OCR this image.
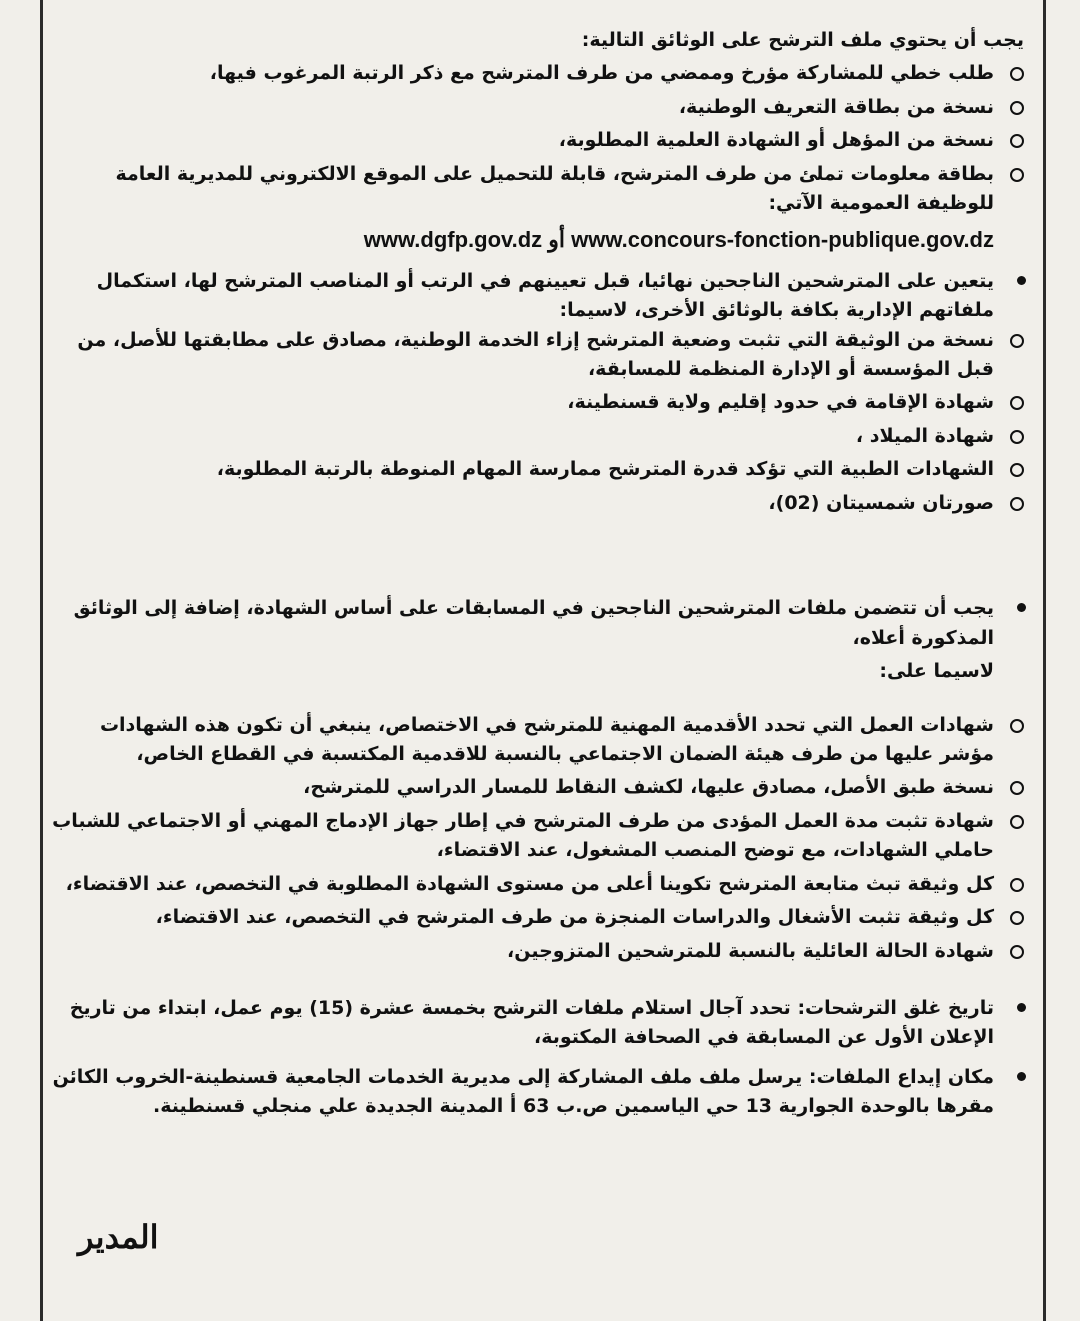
يجب أن يحتوي ملف الترشح على الوثائق التالية:
طلب خطي للمشاركة مؤرخ وممضي من طرف المترشح مع ذكر الرتبة المرغوب فيها،
نسخة من بطاقة التعريف الوطنية،
نسخة من المؤهل أو الشهادة العلمية المطلوبة،
بطاقة معلومات تملئ من طرف المترشح، قابلة للتحميل على الموقع الالكتروني للمديرية العامة للوظيفة العمومية الآتي:
www.dgfp.gov.dz أو www.concours-fonction-publique.gov.dz
يتعين على المترشحين الناجحين نهائيا، قبل تعيينهم في الرتب أو المناصب المترشح لها، استكمال ملفاتهم الإدارية بكافة بالوثائق الأخرى، لاسيما:
نسخة من الوثيقة التي تثبت وضعية المترشح إزاء الخدمة الوطنية، مصادق على مطابقتها للأصل، من قبل المؤسسة أو الإدارة المنظمة للمسابقة،
شهادة الإقامة في حدود إقليم ولاية قسنطينة،
شهادة الميلاد ،
الشهادات الطبية التي تؤكد قدرة المترشح ممارسة المهام المنوطة بالرتبة المطلوبة،
صورتان شمسيتان (02)،
يجب أن تتضمن ملفات المترشحين الناجحين في المسابقات على أساس الشهادة، إضافة إلى الوثائق المذكورة أعلاه،
لاسيما على:
شهادات العمل التي تحدد الأقدمية المهنية للمترشح في الاختصاص، ينبغي أن تكون هذه الشهادات مؤشر عليها من طرف هيئة الضمان الاجتماعي بالنسبة للاقدمية المكتسبة في القطاع الخاص،
نسخة طبق الأصل، مصادق عليها، لكشف النقاط للمسار الدراسي للمترشح،
شهادة تثبت مدة العمل المؤدى من طرف المترشح في إطار جهاز الإدماج المهني أو الاجتماعي للشباب حاملي الشهادات، مع توضح المنصب المشغول، عند الاقتضاء،
كل وثيقة تبث متابعة المترشح تكوينا أعلى من مستوى الشهادة المطلوبة في التخصص، عند الاقتضاء،
كل وثيقة تثبت الأشغال والدراسات المنجزة من طرف المترشح في التخصص، عند الاقتضاء،
شهادة الحالة العائلية بالنسبة للمترشحين المتزوجين،
تاريخ غلق الترشحات: تحدد آجال استلام ملفات الترشح بخمسة عشرة (15) يوم عمل، ابتداء من تاريخ الإعلان الأول عن المسابقة في الصحافة المكتوبة،
مكان إيداع الملفات: يرسل ملف ملف المشاركة إلى مديرية الخدمات الجامعية قسنطينة-الخروب الكائن مقرها بالوحدة الجوارية 13 حي الياسمين ص.ب 63 أ المدينة الجديدة علي منجلي قسنطينة.
المدير
